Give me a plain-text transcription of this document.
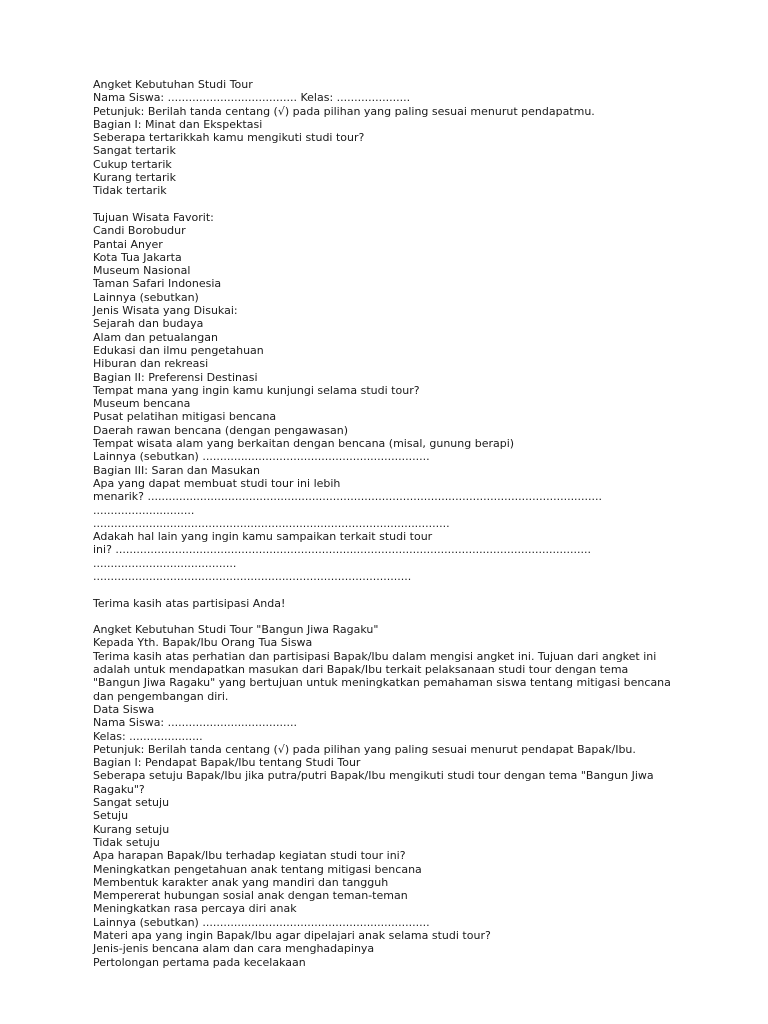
Angket Kebutuhan Studi Tour
Nama Siswa: ..................................... Kelas: .....................
Petunjuk: Berilah tanda centang (√) pada pilihan yang paling sesuai menurut pendapatmu.
Bagian I: Minat dan Ekspektasi
Seberapa tertarikkah kamu mengikuti studi tour?
Sangat tertarik
Cukup tertarik
Kurang tertarik
Tidak tertarik
Tujuan Wisata Favorit:
Candi Borobudur
Pantai Anyer
Kota Tua Jakarta
Museum Nasional
Taman Safari Indonesia
Lainnya (sebutkan)
Jenis Wisata yang Disukai:
Sejarah dan budaya
Alam dan petualangan
Edukasi dan ilmu pengetahuan
Hiburan dan rekreasi
Bagian II: Preferensi Destinasi
Tempat mana yang ingin kamu kunjungi selama studi tour?
Museum bencana
Pusat pelatihan mitigasi bencana
Daerah rawan bencana (dengan pengawasan)
Tempat wisata alam yang berkaitan dengan bencana (misal, gunung berapi)
Lainnya (sebutkan) .................................................................
Bagian III: Saran dan Masukan
Apa yang dapat membuat studi tour ini lebih
menarik? .................................................................................................................................. .............................
......................................................................................................
Adakah hal lain yang ingin kamu sampaikan terkait studi tour
ini? ........................................................................................................................................ .........................................
...........................................................................................
Terima kasih atas partisipasi Anda!
Angket Kebutuhan Studi Tour "Bangun Jiwa Ragaku"
Kepada Yth. Bapak/Ibu Orang Tua Siswa
Terima kasih atas perhatian dan partisipasi Bapak/Ibu dalam mengisi angket ini. Tujuan dari angket ini adalah untuk mendapatkan masukan dari Bapak/Ibu terkait pelaksanaan studi tour dengan tema "Bangun Jiwa Ragaku" yang bertujuan untuk meningkatkan pemahaman siswa tentang mitigasi bencana dan pengembangan diri.
Data Siswa
Nama Siswa: .....................................
Kelas: .....................
Petunjuk: Berilah tanda centang (√) pada pilihan yang paling sesuai menurut pendapat Bapak/Ibu.
Bagian I: Pendapat Bapak/Ibu tentang Studi Tour
Seberapa setuju Bapak/Ibu jika putra/putri Bapak/Ibu mengikuti studi tour dengan tema "Bangun Jiwa Ragaku"?
Sangat setuju
Setuju
Kurang setuju
Tidak setuju
Apa harapan Bapak/Ibu terhadap kegiatan studi tour ini?
Meningkatkan pengetahuan anak tentang mitigasi bencana
Membentuk karakter anak yang mandiri dan tangguh
Mempererat hubungan sosial anak dengan teman-teman
Meningkatkan rasa percaya diri anak
Lainnya (sebutkan) .................................................................
Materi apa yang ingin Bapak/Ibu agar dipelajari anak selama studi tour?
Jenis-jenis bencana alam dan cara menghadapinya
Pertolongan pertama pada kecelakaan
